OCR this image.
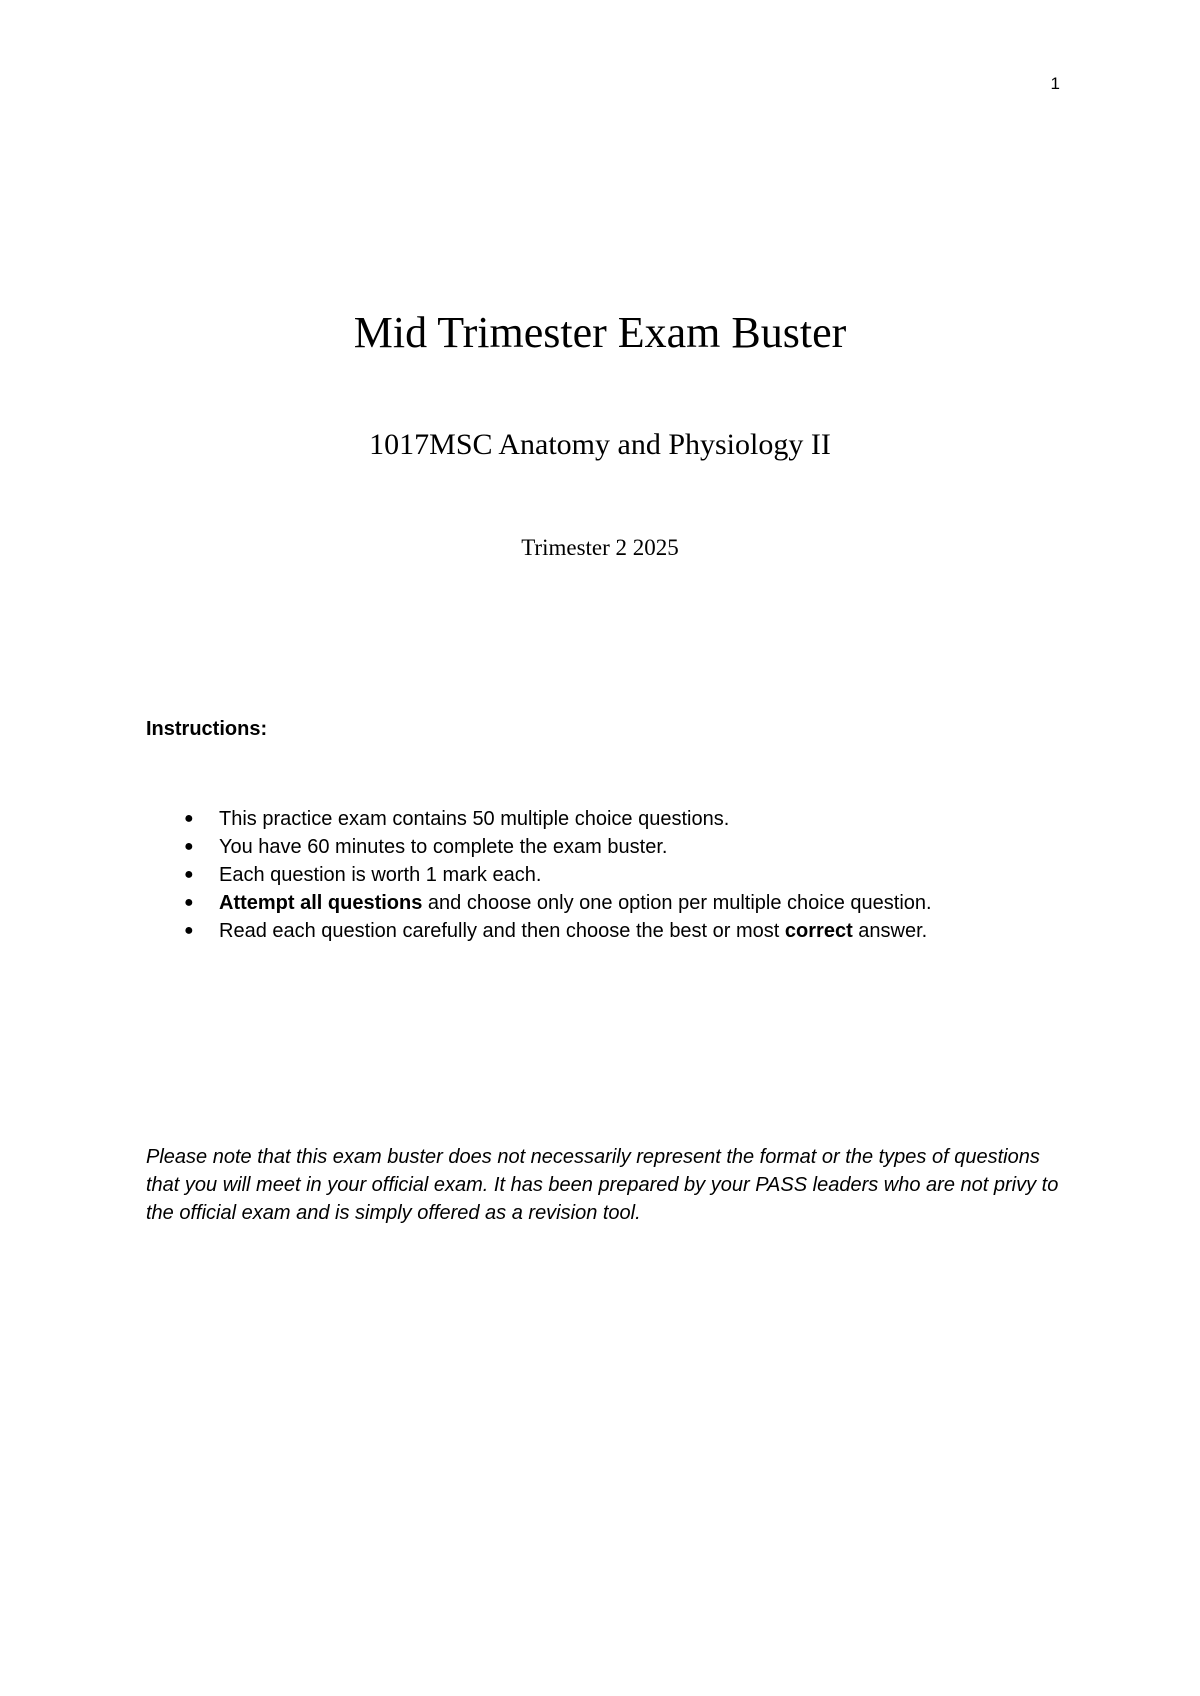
1
Mid Trimester Exam Buster
1017MSC Anatomy and Physiology II
Trimester 2 2025
Instructions:
● This practice exam contains 50 multiple choice questions.
● You have 60 minutes to complete the exam buster.
● Each question is worth 1 mark each.
● Attempt all questions and choose only one option per multiple choice question.
● Read each question carefully and then choose the best or most correct answer.

Please note that this exam buster does not necessarily represent the format or the types of questions that you will meet in your official exam. It has been prepared by your PASS leaders who are not privy to the official exam and is simply offered as a revision tool.
